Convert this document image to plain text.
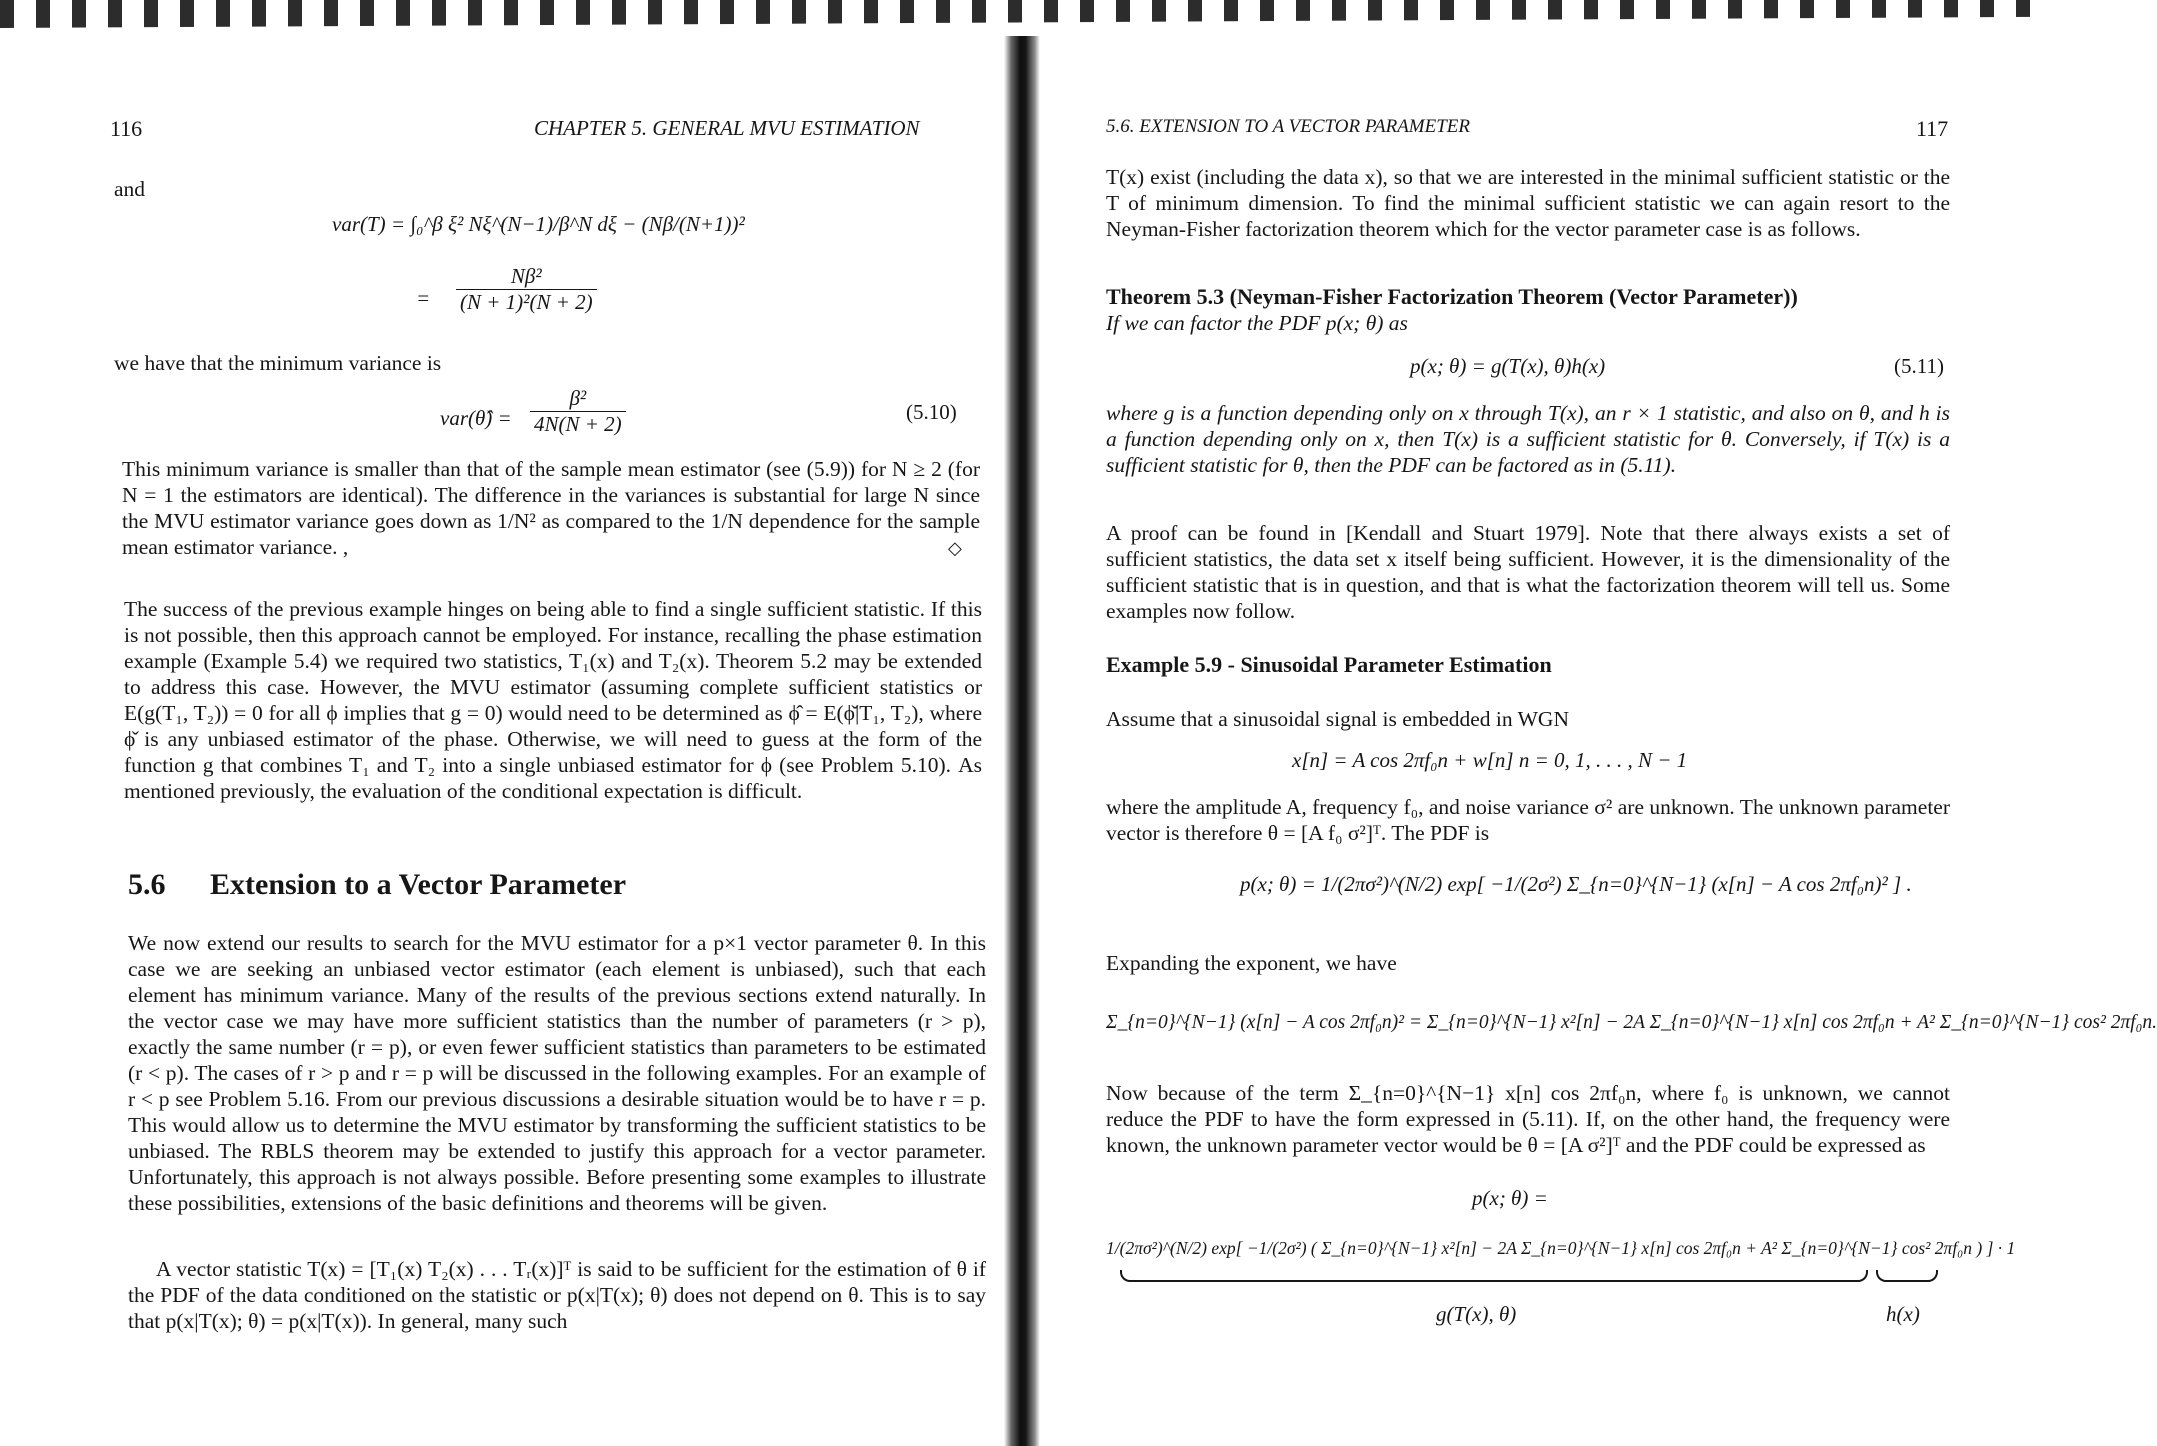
116	CHAPTER 5. GENERAL MVU ESTIMATION
and
var(T) = ∫₀^β ξ² Nξ^(N−1)/β^N dξ − (Nβ/(N+1))²
= $\frac{\text{Nβ²}}{\text{(N + 1)²(N + 2)}}$
we have that the minimum variance is
var(θ̂) = $\frac{\text{β²}}{4N(N + 2)}$	(5.10)

This minimum variance is smaller than that of the sample mean estimator (see (5.9)) for N ≥ 2 (for N = 1 the estimators are identical). The difference in the variances is substantial for large N since the MVU estimator variance goes down as 1/N² as compared to the 1/N dependence for the sample mean estimator variance. ,	◇

The success of the previous example hinges on being able to find a single sufficient statistic. If this is not possible, then this approach cannot be employed. For instance, recalling the phase estimation example (Example 5.4) we required two statistics, T₁(x) and T₂(x). Theorem 5.2 may be extended to address this case. However, the MVU estimator (assuming complete sufficient statistics or E(g(T₁, T₂)) = 0 for all ϕ implies that g = 0) would need to be determined as ϕ̂ = E(ϕ̌|T₁, T₂), where ϕ̌ is any unbiased estimator of the phase. Otherwise, we will need to guess at the form of the function g that combines T₁ and T₂ into a single unbiased estimator for ϕ (see Problem 5.10). As mentioned previously, the evaluation of the conditional expectation is difficult.

5.6 Extension to a Vector Parameter

We now extend our results to search for the MVU estimator for a p×1 vector parameter θ. In this case we are seeking an unbiased vector estimator (each element is unbiased), such that each element has minimum variance. Many of the results of the previous sections extend naturally. In the vector case we may have more sufficient statistics than the number of parameters (r > p), exactly the same number (r = p), or even fewer sufficient statistics than parameters to be estimated (r < p). The cases of r > p and r = p will be discussed in the following examples. For an example of r < p see Problem 5.16. From our previous discussions a desirable situation would be to have r = p. This would allow us to determine the MVU estimator by transforming the sufficient statistics to be unbiased. The RBLS theorem may be extended to justify this approach for a vector parameter. Unfortunately, this approach is not always possible. Before presenting some examples to illustrate these possibilities, extensions of the basic definitions and theorems will be given.

A vector statistic T(x) = [T₁(x) T₂(x) . . . Tᵣ(x)]ᵀ is said to be sufficient for the estimation of θ if the PDF of the data conditioned on the statistic or p(x|T(x); θ) does not depend on θ. This is to say that p(x|T(x); θ) = p(x|T(x)). In general, many such

5.6. EXTENSION TO A VECTOR PARAMETER	117

T(x) exist (including the data x), so that we are interested in the minimal sufficient statistic or the T of minimum dimension. To find the minimal sufficient statistic we can again resort to the Neyman-Fisher factorization theorem which for the vector parameter case is as follows.

Theorem 5.3 (Neyman-Fisher Factorization Theorem (Vector Parameter))
If we can factor the PDF p(x; θ) as
p(x; θ) = g(T(x), θ)h(x)	(5.11)

where g is a function depending only on x through T(x), an r × 1 statistic, and also on θ, and h is a function depending only on x, then T(x) is a sufficient statistic for θ. Conversely, if T(x) is a sufficient statistic for θ, then the PDF can be factored as in (5.11).

A proof can be found in [Kendall and Stuart 1979]. Note that there always exists a set of sufficient statistics, the data set x itself being sufficient. However, it is the dimensionality of the sufficient statistic that is in question, and that is what the factorization theorem will tell us. Some examples now follow.

Example 5.9 - Sinusoidal Parameter Estimation
Assume that a sinusoidal signal is embedded in WGN
x[n] = A cos 2πf₀n + w[n] n = 0, 1, . . . , N − 1

where the amplitude A, frequency f₀, and noise variance σ² are unknown. The unknown parameter vector is therefore θ = [A f₀ σ²]ᵀ. The PDF is

p(x; θ) = 1/(2πσ²)^(N/2) exp[ −1/(2σ²) Σ_{n=0}^{N−1} (x[n] − A cos 2πf₀n)² ] .
Expanding the exponent, we have
Σ_{n=0}^{N−1} (x[n] − A cos 2πf₀n)² = Σ_{n=0}^{N−1} x²[n] − 2A Σ_{n=0}^{N−1} x[n] cos 2πf₀n + A² Σ_{n=0}^{N−1} cos² 2πf₀n.

Now because of the term Σ_{n=0}^{N−1} x[n] cos 2πf₀n, where f₀ is unknown, we cannot reduce the PDF to have the form expressed in (5.11). If, on the other hand, the frequency were known, the unknown parameter vector would be θ = [A σ²]ᵀ and the PDF could be expressed as

p(x; θ) =
1/(2πσ²)^(N/2) exp[ −1/(2σ²) ( Σ_{n=0}^{N−1} x²[n] − 2A Σ_{n=0}^{N−1} x[n] cos 2πf₀n + A² Σ_{n=0}^{N−1} cos² 2πf₀n ) ] · 1
g(T(x), θ)	h(x)
